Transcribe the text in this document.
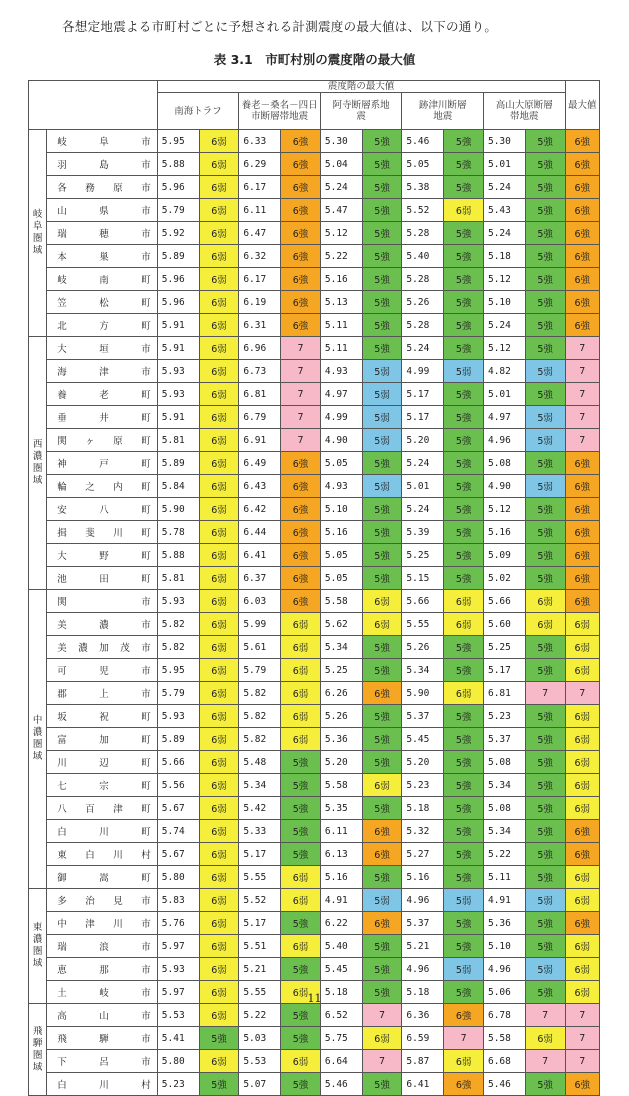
各想定地震よる市町村ごとに予想される計測震度の最大値は、以下の通り。
表 3.1　市町村別の震度階の最大値
		震度階の最大値										最大値
		南海トラフ		養老－桑名－四日市断層帯地震		阿寺断層系地震		跡津川断層地震		高山大原断層帯地震		
岐阜圏域	岐阜市	5.95	6弱	6.33	6強	5.30	5強	5.46	5強	5.30	5強	6強
	羽島市	5.88	6弱	6.29	6強	5.04	5強	5.05	5強	5.01	5強	6強
	各務原市	5.96	6弱	6.17	6強	5.24	5強	5.38	5強	5.24	5強	6強
	山県市	5.79	6弱	6.11	6強	5.47	5強	5.52	6弱	5.43	5強	6強
	瑞穂市	5.92	6弱	6.47	6強	5.12	5強	5.28	5強	5.24	5強	6強
	本巣市	5.89	6弱	6.32	6強	5.22	5強	5.40	5強	5.18	5強	6強
	岐南町	5.96	6弱	6.17	6強	5.16	5強	5.28	5強	5.12	5強	6強
	笠松町	5.96	6弱	6.19	6強	5.13	5強	5.26	5強	5.10	5強	6強
	北方町	5.91	6弱	6.31	6強	5.11	5強	5.28	5強	5.24	5強	6強
西濃圏域	大垣市	5.91	6弱	6.96	7	5.11	5強	5.24	5強	5.12	5強	7
	海津市	5.93	6弱	6.73	7	4.93	5弱	4.99	5弱	4.82	5弱	7
	養老町	5.93	6弱	6.81	7	4.97	5弱	5.17	5強	5.01	5強	7
	垂井町	5.91	6弱	6.79	7	4.99	5弱	5.17	5強	4.97	5弱	7
	関ヶ原町	5.81	6弱	6.91	7	4.90	5弱	5.20	5強	4.96	5弱	7
	神戸町	5.89	6弱	6.49	6強	5.05	5強	5.24	5強	5.08	5強	6強
	輪之内町	5.84	6弱	6.43	6強	4.93	5弱	5.01	5強	4.90	5弱	6強
	安八町	5.90	6弱	6.42	6強	5.10	5強	5.24	5強	5.12	5強	6強
	揖斐川町	5.78	6弱	6.44	6強	5.16	5強	5.39	5強	5.16	5強	6強
	大野町	5.88	6弱	6.41	6強	5.05	5強	5.25	5強	5.09	5強	6強
	池田町	5.81	6弱	6.37	6強	5.05	5強	5.15	5強	5.02	5強	6強
中濃圏域	関市	5.93	6弱	6.03	6強	5.58	6弱	5.66	6弱	5.66	6弱	6強
	美濃市	5.82	6弱	5.99	6弱	5.62	6弱	5.55	6弱	5.60	6弱	6弱
	美濃加茂市	5.82	6弱	5.61	6弱	5.34	5強	5.26	5強	5.25	5強	6弱
	可児市	5.95	6弱	5.79	6弱	5.25	5強	5.34	5強	5.17	5強	6弱
	郡上市	5.79	6弱	5.82	6弱	6.26	6強	5.90	6弱	6.81	7	7
	坂祝町	5.93	6弱	5.82	6弱	5.26	5強	5.37	5強	5.23	5強	6弱
	富加町	5.89	6弱	5.82	6弱	5.36	5強	5.45	5強	5.37	5強	6弱
	川辺町	5.66	6弱	5.48	5強	5.20	5強	5.20	5強	5.08	5強	6弱
	七宗町	5.56	6弱	5.34	5強	5.58	6弱	5.23	5強	5.34	5強	6弱
	八百津町	5.67	6弱	5.42	5強	5.35	5強	5.18	5強	5.08	5強	6弱
	白川町	5.74	6弱	5.33	5強	6.11	6強	5.32	5強	5.34	5強	6強
	東白川村	5.67	6弱	5.17	5強	6.13	6強	5.27	5強	5.22	5強	6強
	御嵩町	5.80	6弱	5.55	6弱	5.16	5強	5.16	5強	5.11	5強	6弱
東濃圏域	多治見市	5.83	6弱	5.52	6弱	4.91	5弱	4.96	5弱	4.91	5弱	6弱
	中津川市	5.76	6弱	5.17	5強	6.22	6強	5.37	5強	5.36	5強	6強
	瑞浪市	5.97	6弱	5.51	6弱	5.40	5強	5.21	5強	5.10	5強	6弱
	恵那市	5.93	6弱	5.21	5強	5.45	5強	4.96	5弱	4.96	5弱	6弱
	土岐市	5.97	6弱	5.55	6弱	5.18	5強	5.18	5強	5.06	5強	6弱
飛騨圏域	高山市	5.53	6弱	5.22	5強	6.52	7	6.36	6強	6.78	7	7
	飛騨市	5.41	5強	5.03	5強	5.75	6弱	6.59	7	5.58	6弱	7
	下呂市	5.80	6弱	5.53	6弱	6.64	7	5.87	6弱	6.68	7	7
	白川村	5.23	5強	5.07	5強	5.46	5強	6.41	6強	5.46	5強	6強
11
